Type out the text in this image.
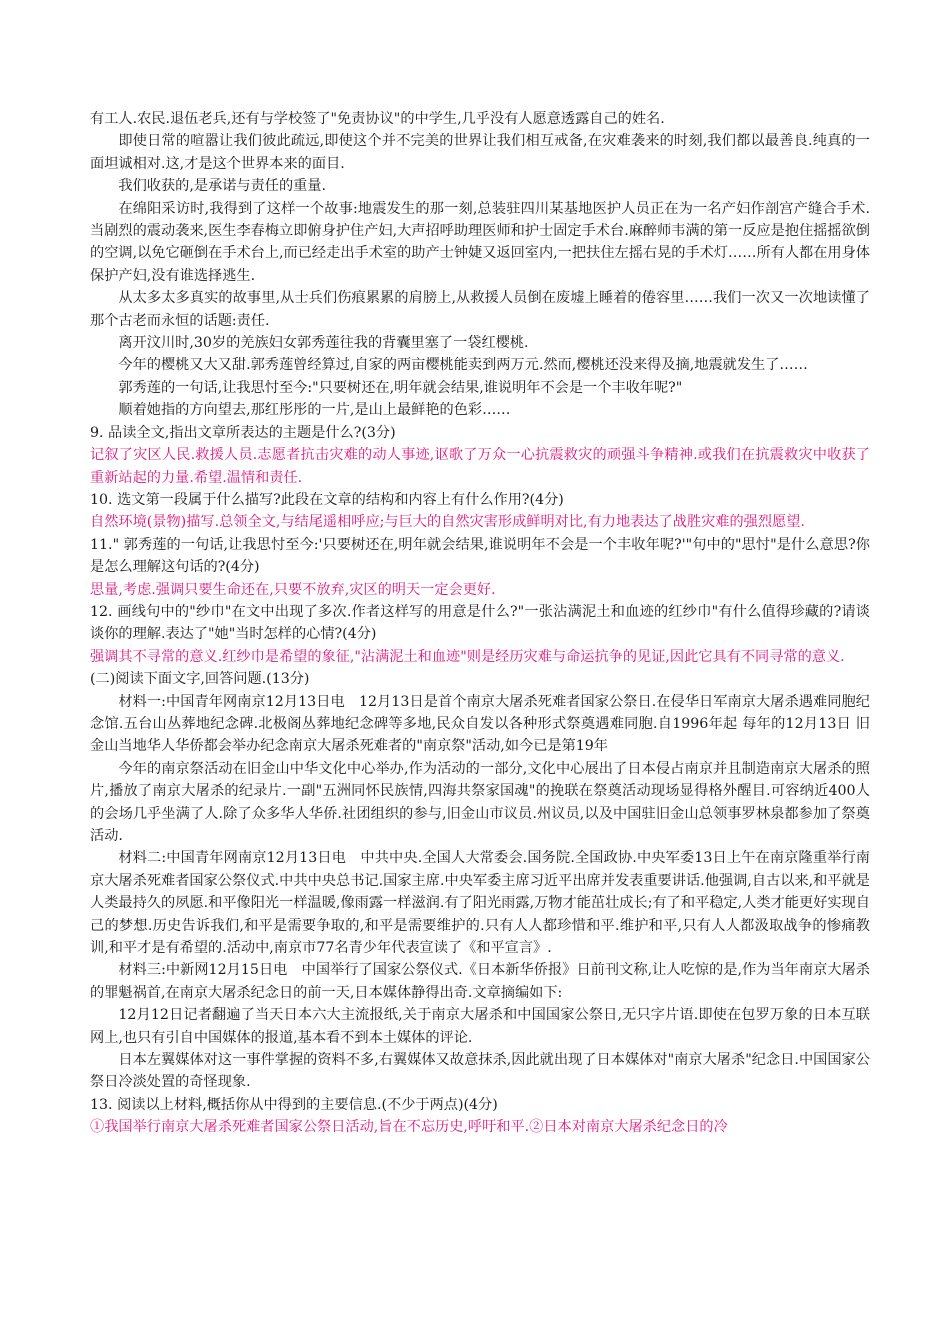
有工人.农民.退伍老兵,还有与学校签了"免责协议"的中学生,几乎没有人愿意透露自己的姓名.

即使日常的喧嚣让我们彼此疏远,即使这个并不完美的世界让我们相互戒备,在灾难袭来的时刻,我们都以最善良.纯真的一面坦诚相对.这,才是这个世界本来的面目.

我们收获的,是承诺与责任的重量.

在绵阳采访时,我得到了这样一个故事:地震发生的那一刻,总装驻四川某基地医护人员正在为一名产妇作剖宫产缝合手术.当剧烈的震动袭来,医生李春梅立即俯身护住产妇,大声招呼助理医师和护士固定手术台.麻醉师韦满的第一反应是抱住摇摇欲倒的空调,以免它砸倒在手术台上,而已经走出手术室的助产士钟婕又返回室内,一把扶住左摇右晃的手术灯……所有人都在用身体保护产妇,没有谁选择逃生.

从太多太多真实的故事里,从士兵们伤痕累累的肩膀上,从救援人员倒在废墟上睡着的倦容里……我们一次又一次地读懂了那个古老而永恒的话题:责任.

离开汶川时,30岁的羌族妇女郭秀莲往我的背囊里塞了一袋红樱桃.

今年的樱桃又大又甜.郭秀莲曾经算过,自家的两亩樱桃能卖到两万元.然而,樱桃还没来得及摘,地震就发生了……

郭秀莲的一句话,让我思忖至今:"只要树还在,明年就会结果,谁说明年不会是一个丰收年呢?"

顺着她指的方向望去,那红彤彤的一片,是山上最鲜艳的色彩……

9. 品读全文,指出文章所表达的主题是什么?(3分)

记叙了灾区人民.救援人员.志愿者抗击灾难的动人事迹,讴歌了万众一心抗震救灾的顽强斗争精神.或我们在抗震救灾中收获了重新站起的力量.希望.温情和责任.

10. 选文第一段属于什么描写?此段在文章的结构和内容上有什么作用?(4分)

自然环境(景物)描写.总领全文,与结尾遥相呼应;与巨大的自然灾害形成鲜明对比,有力地表达了战胜灾难的强烈愿望.

11." 郭秀莲的一句话,让我思忖至今:'只要树还在,明年就会结果,谁说明年不会是一个丰收年呢?'"句中的"思忖"是什么意思?你是怎么理解这句话的?(4分)

思量,考虑.强调只要生命还在,只要不放弃,灾区的明天一定会更好.

12. 画线句中的"纱巾"在文中出现了多次.作者这样写的用意是什么?"一张沾满泥土和血迹的红纱巾"有什么值得珍藏的?请谈谈你的理解.表达了"她"当时怎样的心情?(4分)

强调其不寻常的意义.红纱巾是希望的象征,"沾满泥土和血迹"则是经历灾难与命运抗争的见证,因此它具有不同寻常的意义.

(二)阅读下面文字,回答问题.(13分)

材料一:中国青年网南京12月13日电　12月13日是首个南京大屠杀死难者国家公祭日.在侵华日军南京大屠杀遇难同胞纪念馆.五台山丛葬地纪念碑.北极阁丛葬地纪念碑等多地,民众自发以各种形式祭奠遇难同胞.自1996年起 每年的12月13日 旧金山当地华人华侨都会举办纪念南京大屠杀死难者的"南京祭"活动,如今已是第19年

今年的南京祭活动在旧金山中华文化中心举办,作为活动的一部分,文化中心展出了日本侵占南京并且制造南京大屠杀的照片,播放了南京大屠杀的纪录片.一副"五洲同怀民族情,四海共祭家国魂"的挽联在祭奠活动现场显得格外醒目.可容纳近400人的会场几乎坐满了人.除了众多华人华侨.社团组织的参与,旧金山市议员.州议员,以及中国驻旧金山总领事罗林泉都参加了祭奠活动.

材料二:中国青年网南京12月13日电　中共中央.全国人大常委会.国务院.全国政协.中央军委13日上午在南京隆重举行南京大屠杀死难者国家公祭仪式.中共中央总书记.国家主席.中央军委主席习近平出席并发表重要讲话.他强调,自古以来,和平就是人类最持久的夙愿.和平像阳光一样温暖,像雨露一样滋润.有了阳光雨露,万物才能茁壮成长;有了和平稳定,人类才能更好实现自己的梦想.历史告诉我们,和平是需要争取的,和平是需要维护的.只有人人都珍惜和平.维护和平,只有人人都汲取战争的惨痛教训,和平才是有希望的.活动中,南京市77名青少年代表宣读了《和平宣言》.

材料三:中新网12月15日电　中国举行了国家公祭仪式.《日本新华侨报》日前刊文称,让人吃惊的是,作为当年南京大屠杀的罪魁祸首,在南京大屠杀纪念日的前一天,日本媒体静得出奇.文章摘编如下:

12月12日记者翻遍了当天日本六大主流报纸,关于南京大屠杀和中国国家公祭日,无只字片语.即使在包罗万象的日本互联网上,也只有引自中国媒体的报道,基本看不到本土媒体的评论.

日本左翼媒体对这一事件掌握的资料不多,右翼媒体又故意抹杀,因此就出现了日本媒体对"南京大屠杀"纪念日.中国国家公祭日冷淡处置的奇怪现象.

13. 阅读以上材料,概括你从中得到的主要信息.(不少于两点)(4分)

①我国举行南京大屠杀死难者国家公祭日活动,旨在不忘历史,呼吁和平.②日本对南京大屠杀纪念日的冷
